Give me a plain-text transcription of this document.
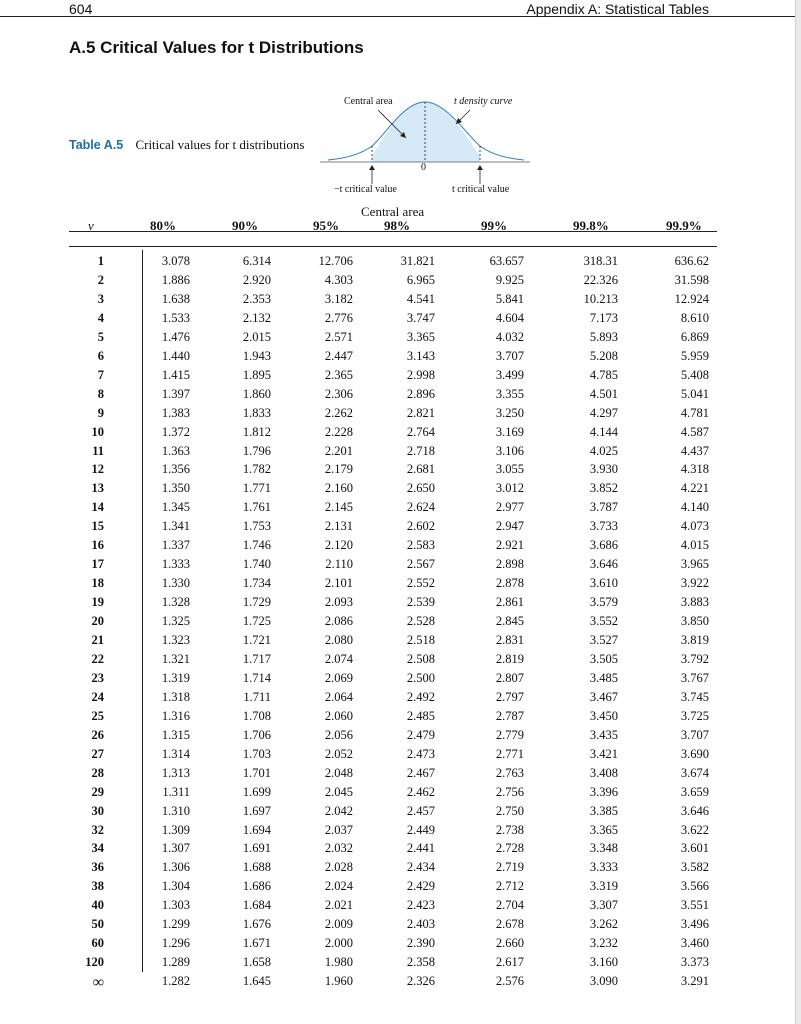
604	Appendix A: Statistical Tables
A.5 Critical Values for t Distributions
Table A.5 Critical values for t distributions
Central area	t density curve
0
−t critical value	t critical value
Central area
ν	80%	90%	95%	98%	99%	99.8%	99.9%
1	3.078	6.314	12.706	31.821	63.657	318.31	636.62
2	1.886	2.920	4.303	6.965	9.925	22.326	31.598
3	1.638	2.353	3.182	4.541	5.841	10.213	12.924
4	1.533	2.132	2.776	3.747	4.604	7.173	8.610
5	1.476	2.015	2.571	3.365	4.032	5.893	6.869
6	1.440	1.943	2.447	3.143	3.707	5.208	5.959
7	1.415	1.895	2.365	2.998	3.499	4.785	5.408
8	1.397	1.860	2.306	2.896	3.355	4.501	5.041
9	1.383	1.833	2.262	2.821	3.250	4.297	4.781
10	1.372	1.812	2.228	2.764	3.169	4.144	4.587
11	1.363	1.796	2.201	2.718	3.106	4.025	4.437
12	1.356	1.782	2.179	2.681	3.055	3.930	4.318
13	1.350	1.771	2.160	2.650	3.012	3.852	4.221
14	1.345	1.761	2.145	2.624	2.977	3.787	4.140
15	1.341	1.753	2.131	2.602	2.947	3.733	4.073
16	1.337	1.746	2.120	2.583	2.921	3.686	4.015
17	1.333	1.740	2.110	2.567	2.898	3.646	3.965
18	1.330	1.734	2.101	2.552	2.878	3.610	3.922
19	1.328	1.729	2.093	2.539	2.861	3.579	3.883
20	1.325	1.725	2.086	2.528	2.845	3.552	3.850
21	1.323	1.721	2.080	2.518	2.831	3.527	3.819
22	1.321	1.717	2.074	2.508	2.819	3.505	3.792
23	1.319	1.714	2.069	2.500	2.807	3.485	3.767
24	1.318	1.711	2.064	2.492	2.797	3.467	3.745
25	1.316	1.708	2.060	2.485	2.787	3.450	3.725
26	1.315	1.706	2.056	2.479	2.779	3.435	3.707
27	1.314	1.703	2.052	2.473	2.771	3.421	3.690
28	1.313	1.701	2.048	2.467	2.763	3.408	3.674
29	1.311	1.699	2.045	2.462	2.756	3.396	3.659
30	1.310	1.697	2.042	2.457	2.750	3.385	3.646
32	1.309	1.694	2.037	2.449	2.738	3.365	3.622
34	1.307	1.691	2.032	2.441	2.728	3.348	3.601
36	1.306	1.688	2.028	2.434	2.719	3.333	3.582
38	1.304	1.686	2.024	2.429	2.712	3.319	3.566
40	1.303	1.684	2.021	2.423	2.704	3.307	3.551
50	1.299	1.676	2.009	2.403	2.678	3.262	3.496
60	1.296	1.671	2.000	2.390	2.660	3.232	3.460
120	1.289	1.658	1.980	2.358	2.617	3.160	3.373
∞	1.282	1.645	1.960	2.326	2.576	3.090	3.291
